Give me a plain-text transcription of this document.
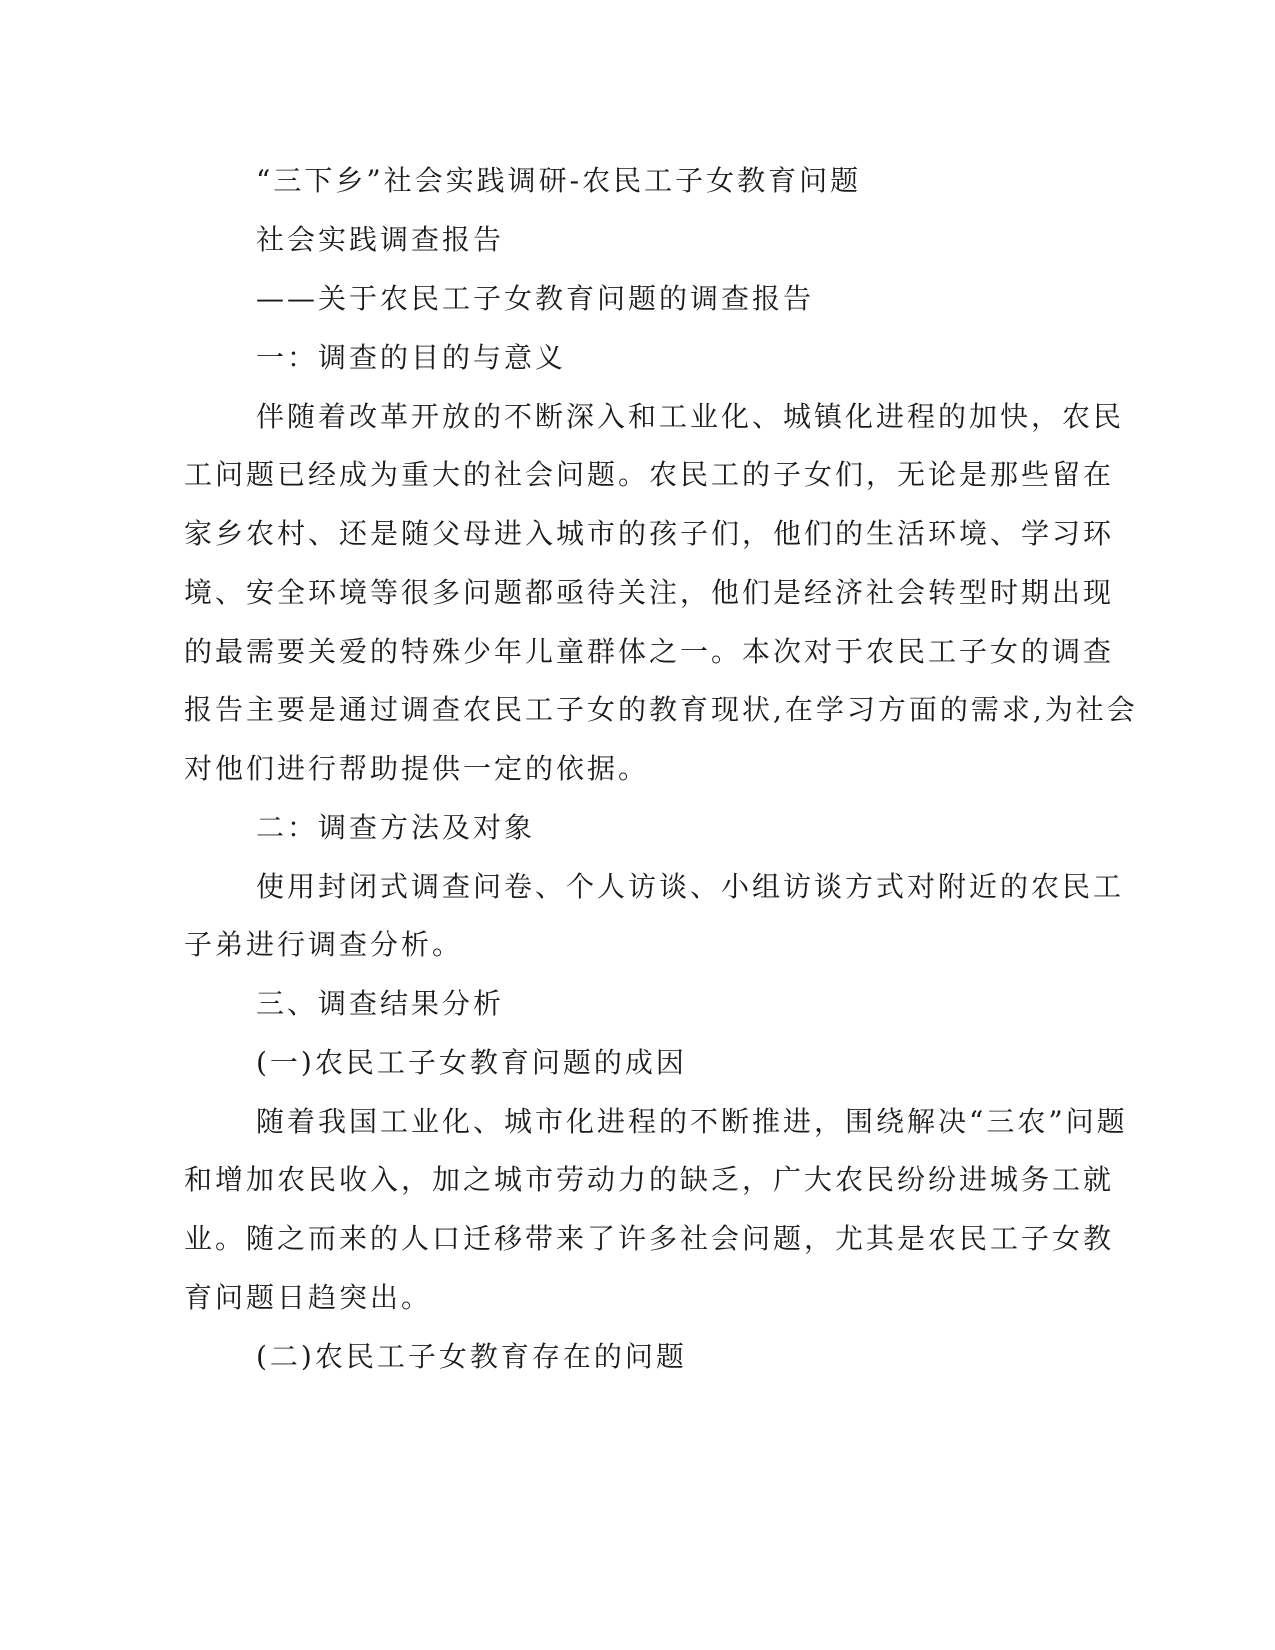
“三下乡”社会实践调研-农民工子女教育问题

社会实践调查报告

——关于农民工子女教育问题的调查报告

一：调查的目的与意义

伴随着改革开放的不断深入和工业化、城镇化进程的加快，农民

工问题已经成为重大的社会问题。农民工的子女们，无论是那些留在

家乡农村、还是随父母进入城市的孩子们，他们的生活环境、学习环

境、安全环境等很多问题都亟待关注，他们是经济社会转型时期出现

的最需要关爱的特殊少年儿童群体之一。本次对于农民工子女的调查

报告主要是通过调查农民工子女的教育现状,在学习方面的需求,为社会

对他们进行帮助提供一定的依据。

二：调查方法及对象

使用封闭式调查问卷、个人访谈、小组访谈方式对附近的农民工

子弟进行调查分析。

三、调查结果分析

(一)农民工子女教育问题的成因

随着我国工业化、城市化进程的不断推进，围绕解决“三农”问题

和增加农民收入，加之城市劳动力的缺乏，广大农民纷纷进城务工就

业。随之而来的人口迁移带来了许多社会问题，尤其是农民工子女教

育问题日趋突出。

(二)农民工子女教育存在的问题
